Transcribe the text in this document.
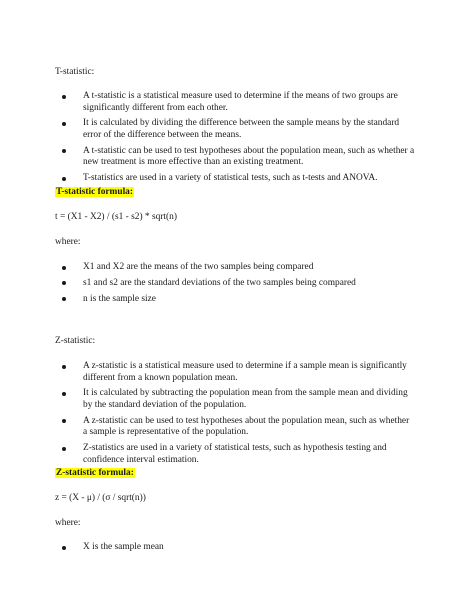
T-statistic:

A t-statistic is a statistical measure used to determine if the means of two groups are significantly different from each other.
It is calculated by dividing the difference between the sample means by the standard error of the difference between the means.
A t-statistic can be used to test hypotheses about the population mean, such as whether a new treatment is more effective than an existing treatment.
T-statistics are used in a variety of statistical tests, such as t-tests and ANOVA.

T-statistic formula:

t = (X1 - X2) / (s1 - s2) * sqrt(n)

where:

X1 and X2 are the means of the two samples being compared
s1 and s2 are the standard deviations of the two samples being compared
n is the sample size

Z-statistic:

A z-statistic is a statistical measure used to determine if a sample mean is significantly different from a known population mean.
It is calculated by subtracting the population mean from the sample mean and dividing by the standard deviation of the population.
A z-statistic can be used to test hypotheses about the population mean, such as whether a sample is representative of the population.
Z-statistics are used in a variety of statistical tests, such as hypothesis testing and confidence interval estimation.

Z-statistic formula:

z = (X - μ) / (σ / sqrt(n))

where:

X is the sample mean
